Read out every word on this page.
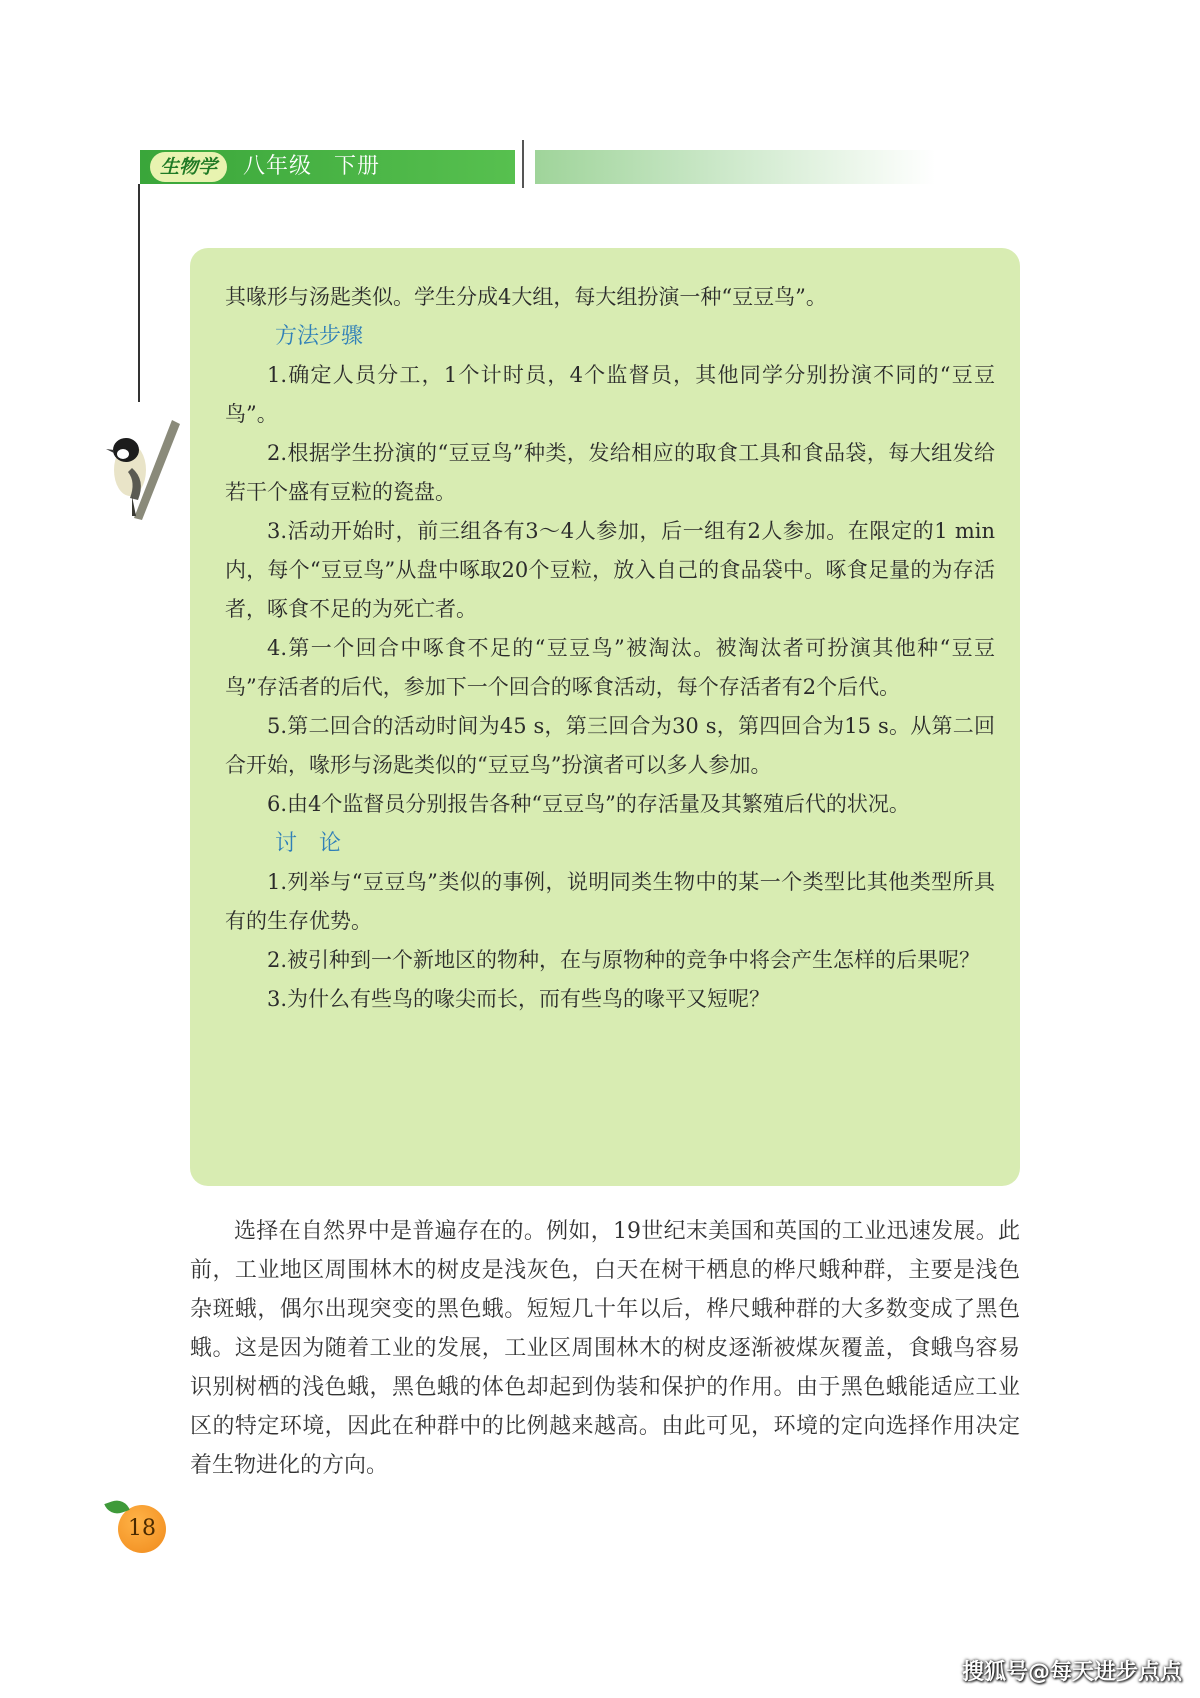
生物学	八年级 下册

其喙形与汤匙类似。学生分成4大组，每大组扮演一种“豆豆鸟”。

方法步骤

1.确定人员分工，1个计时员，4个监督员，其他同学分别扮演不同的“豆豆鸟”。

2.根据学生扮演的“豆豆鸟”种类，发给相应的取食工具和食品袋，每大组发给若干个盛有豆粒的瓷盘。

3.活动开始时，前三组各有3～4人参加，后一组有2人参加。在限定的1 min内，每个“豆豆鸟”从盘中啄取20个豆粒，放入自己的食品袋中。啄食足量的为存活者，啄食不足的为死亡者。

4.第一个回合中啄食不足的“豆豆鸟”被淘汰。被淘汰者可扮演其他种“豆豆鸟”存活者的后代，参加下一个回合的啄食活动，每个存活者有2个后代。

5.第二回合的活动时间为45 s，第三回合为30 s，第四回合为15 s。从第二回合开始，喙形与汤匙类似的“豆豆鸟”扮演者可以多人参加。

6.由4个监督员分别报告各种“豆豆鸟”的存活量及其繁殖后代的状况。

讨　论

1.列举与“豆豆鸟”类似的事例，说明同类生物中的某一个类型比其他类型所具有的生存优势。

2.被引种到一个新地区的物种，在与原物种的竞争中将会产生怎样的后果呢？

3.为什么有些鸟的喙尖而长，而有些鸟的喙平又短呢？

选择在自然界中是普遍存在的。例如，19世纪末美国和英国的工业迅速发展。此前，工业地区周围林木的树皮是浅灰色，白天在树干栖息的桦尺蛾种群，主要是浅色杂斑蛾，偶尔出现突变的黑色蛾。短短几十年以后，桦尺蛾种群的大多数变成了黑色蛾。这是因为随着工业的发展，工业区周围林木的树皮逐渐被煤灰覆盖，食蛾鸟容易识别树栖的浅色蛾，黑色蛾的体色却起到伪装和保护的作用。由于黑色蛾能适应工业区的特定环境，因此在种群中的比例越来越高。由此可见，环境的定向选择作用决定着生物进化的方向。

18
搜狐号@每天进步点点
